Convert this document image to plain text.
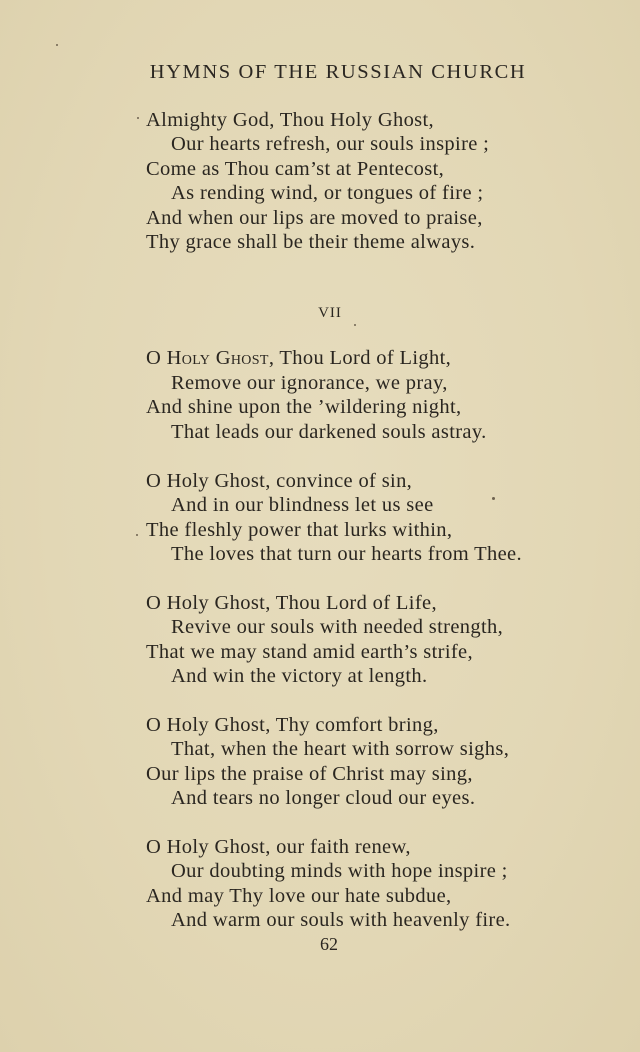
HYMNS OF THE RUSSIAN CHURCH
Almighty God, Thou Holy Ghost,
Our hearts refresh, our souls inspire ;
Come as Thou cam’st at Pentecost,
As rending wind, or tongues of fire ;
And when our lips are moved to praise,
Thy grace shall be their theme always.
VII
O Holy Ghost, Thou Lord of Light,
Remove our ignorance, we pray,
And shine upon the ’wildering night,
That leads our darkened souls astray.
O Holy Ghost, convince of sin,
And in our blindness let us see
The fleshly power that lurks within,
The loves that turn our hearts from Thee.
O Holy Ghost, Thou Lord of Life,
Revive our souls with needed strength,
That we may stand amid earth’s strife,
And win the victory at length.
O Holy Ghost, Thy comfort bring,
That, when the heart with sorrow sighs,
Our lips the praise of Christ may sing,
And tears no longer cloud our eyes.
O Holy Ghost, our faith renew,
Our doubting minds with hope inspire ;
And may Thy love our hate subdue,
And warm our souls with heavenly fire.
62
